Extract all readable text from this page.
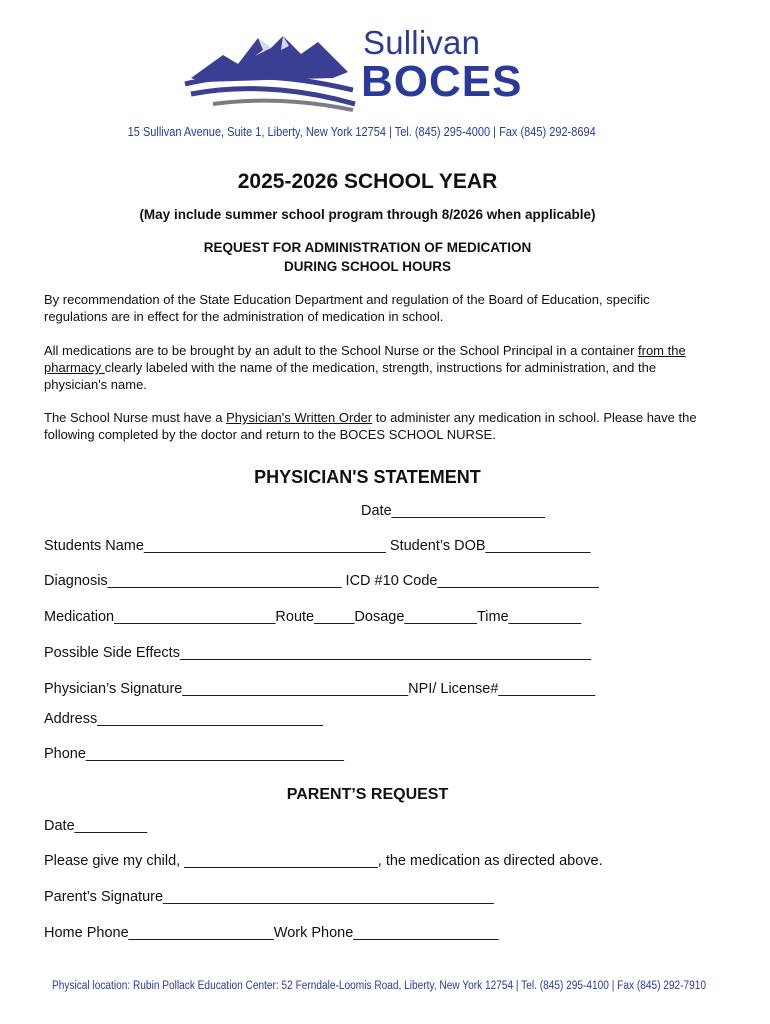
Sullivan
BOCES
15 Sullivan Avenue, Suite 1, Liberty, New York 12754 | Tel. (845) 295-4000 | Fax (845) 292-8694
2025-2026 SCHOOL YEAR
(May include summer school program through 8/2026 when applicable)
REQUEST FOR ADMINISTRATION OF MEDICATION
DURING SCHOOL HOURS
By recommendation of the State Education Department and regulation of the Board of Education, specific regulations are in effect for the administration of medication in school.
All medications are to be brought by an adult to the School Nurse or the School Principal in a container from the pharmacy clearly labeled with the name of the medication, strength, instructions for administration, and the physician's name.
The School Nurse must have a Physician's Written Order to administer any medication in school. Please have the following completed by the doctor and return to the BOCES SCHOOL NURSE.
PHYSICIAN'S STATEMENT
Date___________________
Students Name______________________________ Student’s DOB_____________
Diagnosis_____________________________ ICD #10 Code____________________
Medication____________________Route_____Dosage_________Time_________
Possible Side Effects___________________________________________________
Physician’s Signature____________________________NPI/ License#____________
Address____________________________
Phone________________________________
PARENT’S REQUEST
Date_________
Please give my child, ________________________, the medication as directed above.
Parent’s Signature_________________________________________
Home Phone__________________Work Phone__________________
Physical location: Rubin Pollack Education Center: 52 Ferndale-Loomis Road, Liberty, New York 12754 | Tel. (845) 295-4100 | Fax (845) 292-7910
